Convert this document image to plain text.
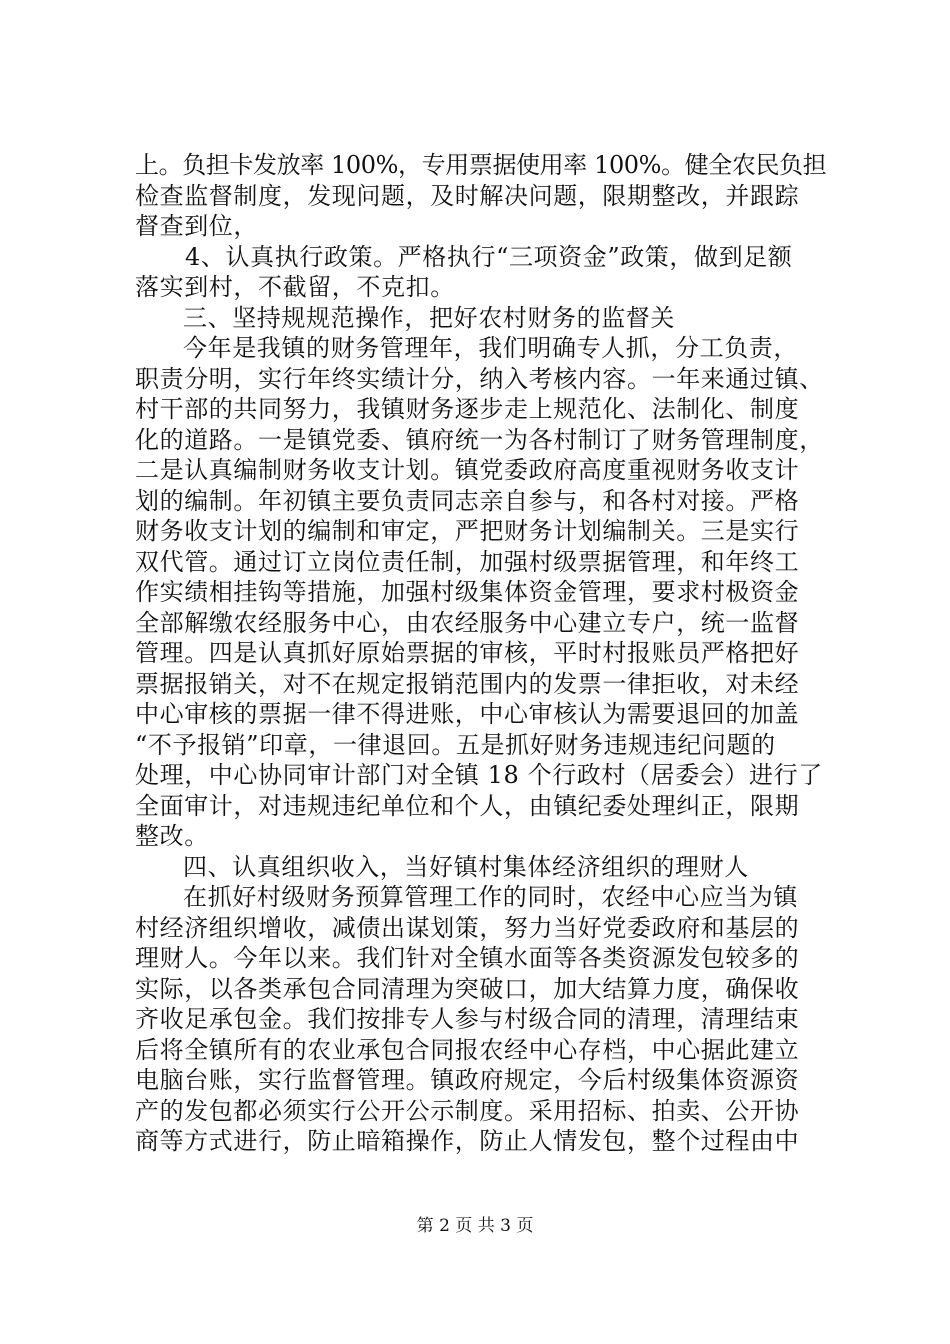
上。负担卡发放率 100%，专用票据使用率 100%。健全农民负担
检查监督制度，发现问题，及时解决问题，限期整改，并跟踪
督查到位，
4、认真执行政策。严格执行“三项资金”政策，做到足额
落实到村，不截留，不克扣。
三、坚持规规范操作，把好农村财务的监督关
今年是我镇的财务管理年，我们明确专人抓，分工负责，
职责分明，实行年终实绩计分，纳入考核内容。一年来通过镇、
村干部的共同努力，我镇财务逐步走上规范化、法制化、制度
化的道路。一是镇党委、镇府统一为各村制订了财务管理制度，
二是认真编制财务收支计划。镇党委政府高度重视财务收支计
划的编制。年初镇主要负责同志亲自参与，和各村对接。严格
财务收支计划的编制和审定，严把财务计划编制关。三是实行
双代管。通过订立岗位责任制，加强村级票据管理，和年终工
作实绩相挂钩等措施，加强村级集体资金管理，要求村极资金
全部解缴农经服务中心，由农经服务中心建立专户，统一监督
管理。四是认真抓好原始票据的审核，平时村报账员严格把好
票据报销关，对不在规定报销范围内的发票一律拒收，对未经
中心审核的票据一律不得进账，中心审核认为需要退回的加盖
“不予报销”印章，一律退回。五是抓好财务违规违纪问题的
处理，中心协同审计部门对全镇 18 个行政村（居委会）进行了
全面审计，对违规违纪单位和个人，由镇纪委处理纠正，限期
整改。
四、认真组织收入，当好镇村集体经济组织的理财人
在抓好村级财务预算管理工作的同时，农经中心应当为镇
村经济组织增收，减债出谋划策，努力当好党委政府和基层的
理财人。今年以来。我们针对全镇水面等各类资源发包较多的
实际，以各类承包合同清理为突破口，加大结算力度，确保收
齐收足承包金。我们按排专人参与村级合同的清理，清理结束
后将全镇所有的农业承包合同报农经中心存档，中心据此建立
电脑台账，实行监督管理。镇政府规定，今后村级集体资源资
产的发包都必须实行公开公示制度。采用招标、拍卖、公开协
商等方式进行，防止暗箱操作，防止人情发包，整个过程由中
第 2 页 共 3 页
